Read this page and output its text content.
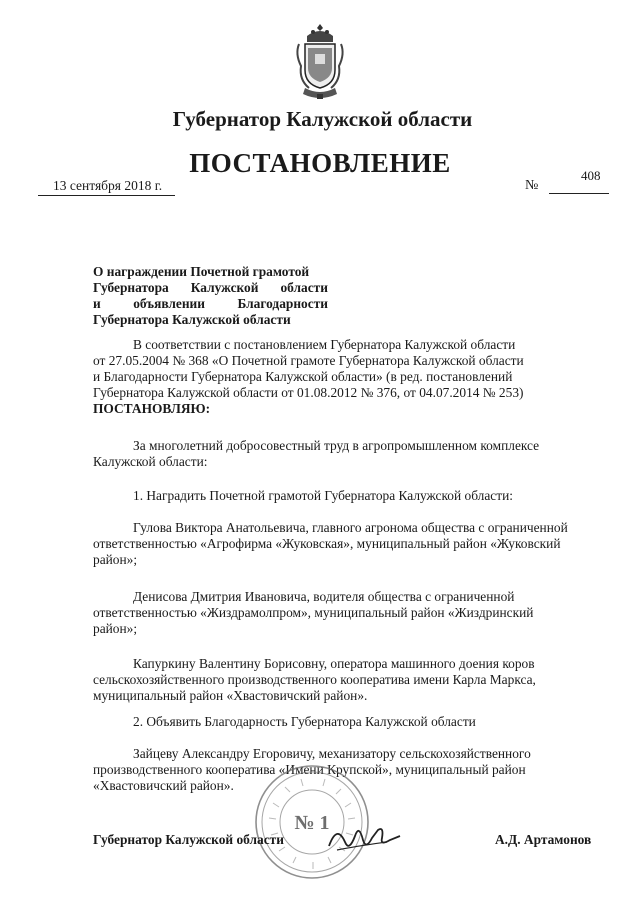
Губернатор Калужской области
ПОСТАНОВЛЕНИЕ
13 сентября 2018 г.	№
408
О награждении Почетной грамотой
Губернатора Калужской области
и объявлении Благодарности
Губернатора Калужской области
В соответствии с постановлением Губернатора Калужской области
от 27.05.2004 № 368 «О Почетной грамоте Губернатора Калужской области
и Благодарности Губернатора Калужской области» (в ред. постановлений
Губернатора Калужской области от 01.08.2012 № 376, от 04.07.2014 № 253)
ПОСТАНОВЛЯЮ:
За многолетний добросовестный труд в агропромышленном комплексе
Калужской области:
1. Наградить Почетной грамотой Губернатора Калужской области:
Гулова Виктора Анатольевича, главного агронома общества с ограниченной
ответственностью «Агрофирма «Жуковская», муниципальный район «Жуковский
район»;
Денисова Дмитрия Ивановича, водителя общества с ограниченной
ответственностью «Жиздрамолпром», муниципальный район «Жиздринский
район»;
Капуркину Валентину Борисовну, оператора машинного доения коров
сельскохозяйственного производственного кооператива имени Карла Маркса,
муниципальный район «Хвастовичский район».
2. Объявить Благодарность Губернатора Калужской области
Зайцеву Александру Егоровичу, механизатору сельскохозяйственного
производственного кооператива «Имени Крупской», муниципальный район
«Хвастовичский район».
№ 1
Губернатор Калужской области	А.Д. Артамонов
